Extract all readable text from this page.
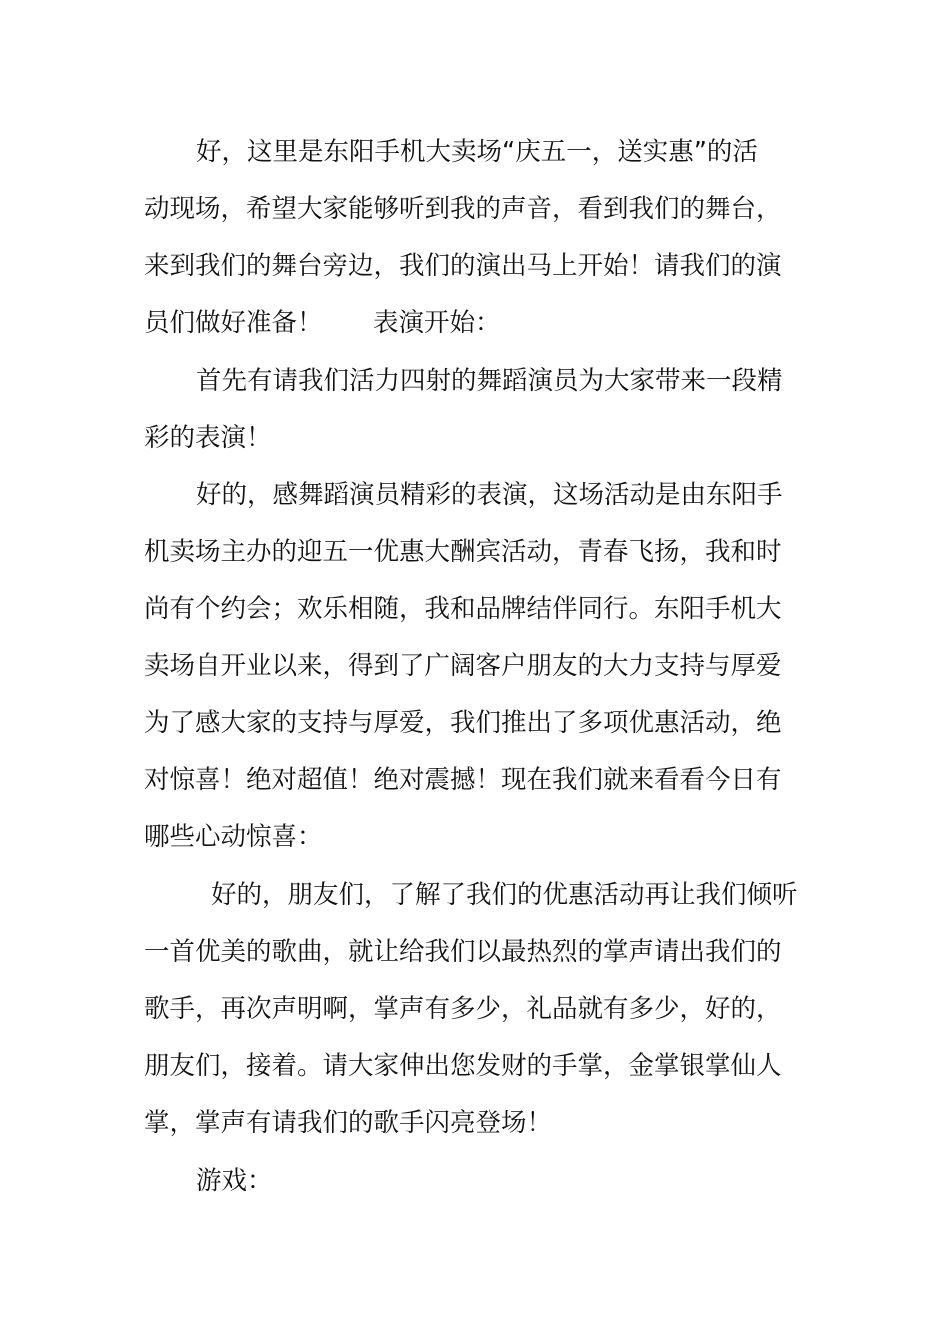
好，这里是东阳手机大卖场“庆五一，送实惠”的活
动现场，希望大家能够听到我的声音，看到我们的舞台，
来到我们的舞台旁边，我们的演出马上开始！请我们的演
员们做好准备！	表演开始：
首先有请我们活力四射的舞蹈演员为大家带来一段精
彩的表演！
好的，感舞蹈演员精彩的表演，这场活动是由东阳手
机卖场主办的迎五一优惠大酬宾活动，青春飞扬，我和时
尚有个约会；欢乐相随，我和品牌结伴同行。东阳手机大
卖场自开业以来，得到了广阔客户朋友的大力支持与厚爱
为了感大家的支持与厚爱，我们推出了多项优惠活动，绝
对惊喜！绝对超值！绝对震撼！现在我们就来看看今日有
哪些心动惊喜：
好的，朋友们，了解了我们的优惠活动再让我们倾听
一首优美的歌曲，就让给我们以最热烈的掌声请出我们的
歌手，再次声明啊，掌声有多少，礼品就有多少，好的，
朋友们，接着。请大家伸出您发财的手掌，金掌银掌仙人
掌，掌声有请我们的歌手闪亮登场！
游戏：
